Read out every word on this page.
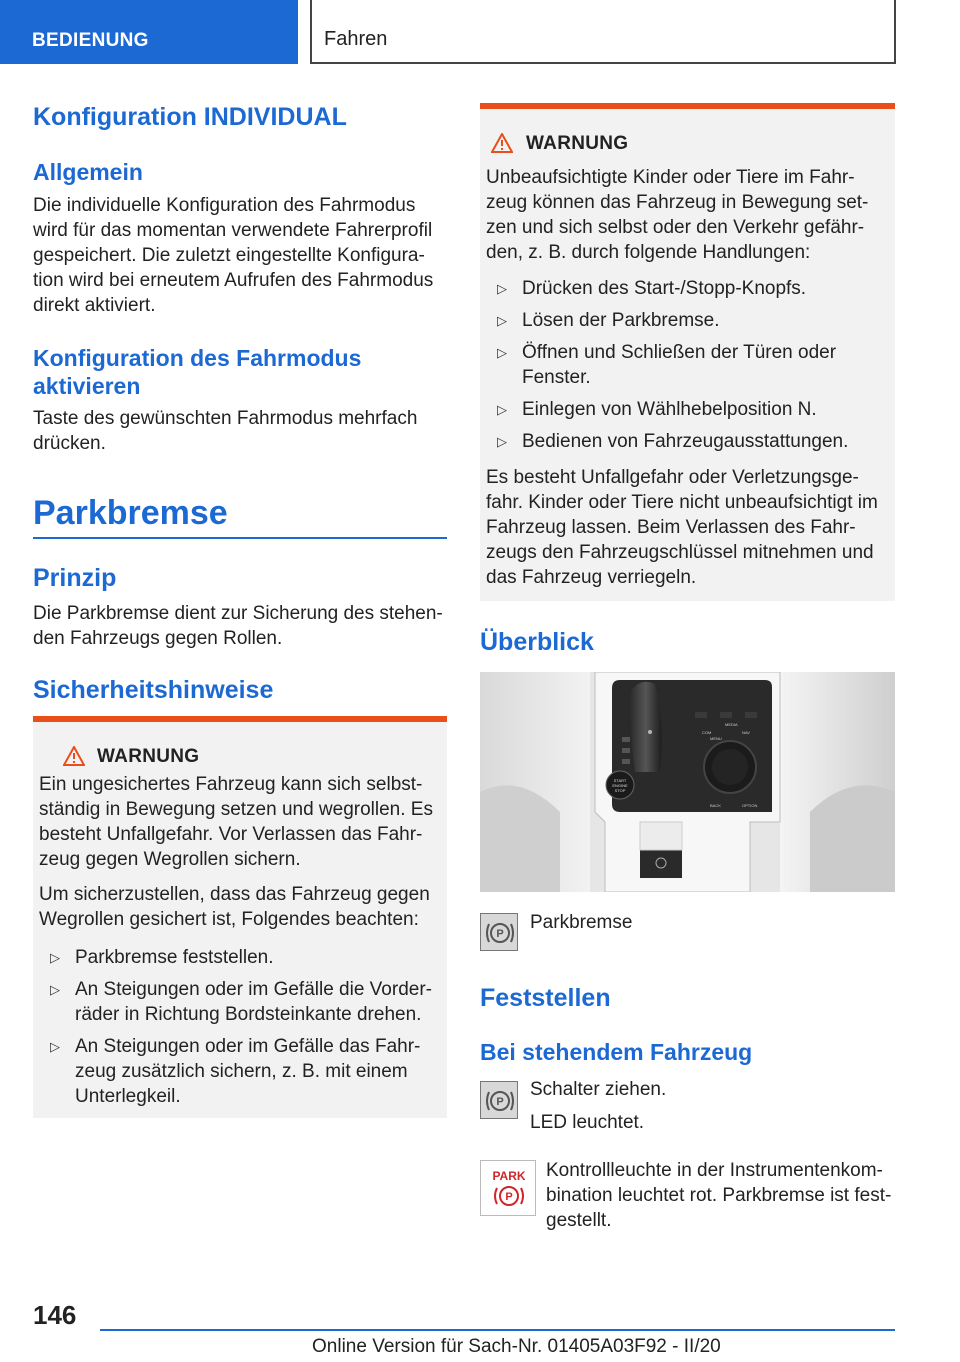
BEDIENUNG	Fahren
Konfiguration INDIVIDUAL
Allgemein
Die individuelle Konfiguration des Fahrmodus
wird für das momentan verwendete Fahrerprofil
gespeichert. Die zuletzt eingestellte Konfigura-
tion wird bei erneutem Aufrufen des Fahrmodus
direkt aktiviert.
Konfiguration des Fahrmodus
aktivieren
Taste des gewünschten Fahrmodus mehrfach
drücken.
Parkbremse
Prinzip
Die Parkbremse dient zur Sicherung des stehen-
den Fahrzeugs gegen Rollen.
Sicherheitshinweise
WARNUNG
Ein ungesichertes Fahrzeug kann sich selbst-
ständig in Bewegung setzen und wegrollen. Es
besteht Unfallgefahr. Vor Verlassen das Fahr-
zeug gegen Wegrollen sichern.
Um sicherzustellen, dass das Fahrzeug gegen
Wegrollen gesichert ist, Folgendes beachten:
▷ Parkbremse feststellen.
▷ An Steigungen oder im Gefälle die Vorder-
räder in Richtung Bordsteinkante drehen.
▷ An Steigungen oder im Gefälle das Fahr-
zeug zusätzlich sichern, z. B. mit einem
Unterlegkeil.
WARNUNG
Unbeaufsichtigte Kinder oder Tiere im Fahr-
zeug können das Fahrzeug in Bewegung set-
zen und sich selbst oder den Verkehr gefähr-
den, z. B. durch folgende Handlungen:
▷ Drücken des Start-/Stopp-Knopfs.
▷ Lösen der Parkbremse.
▷ Öffnen und Schließen der Türen oder
Fenster.
▷ Einlegen von Wählhebelposition N.
▷ Bedienen von Fahrzeugausstattungen.
Es besteht Unfallgefahr oder Verletzungsge-
fahr. Kinder oder Tiere nicht unbeaufsichtigt im
Fahrzeug lassen. Beim Verlassen des Fahr-
zeugs den Fahrzeugschlüssel mitnehmen und
das Fahrzeug verriegeln.
Überblick
START
ENGINE
STOP
MEDIA
COM	NAV
MENU
BACK	OPTION
P
Parkbremse
Feststellen
Bei stehendem Fahrzeug
P
Schalter ziehen.
LED leuchtet.
PARK
P
Kontrollleuchte in der Instrumentenkom-
bination leuchtet rot. Parkbremse ist fest-
gestellt.
146
Online Version für Sach-Nr. 01405A03F92 - II/20
